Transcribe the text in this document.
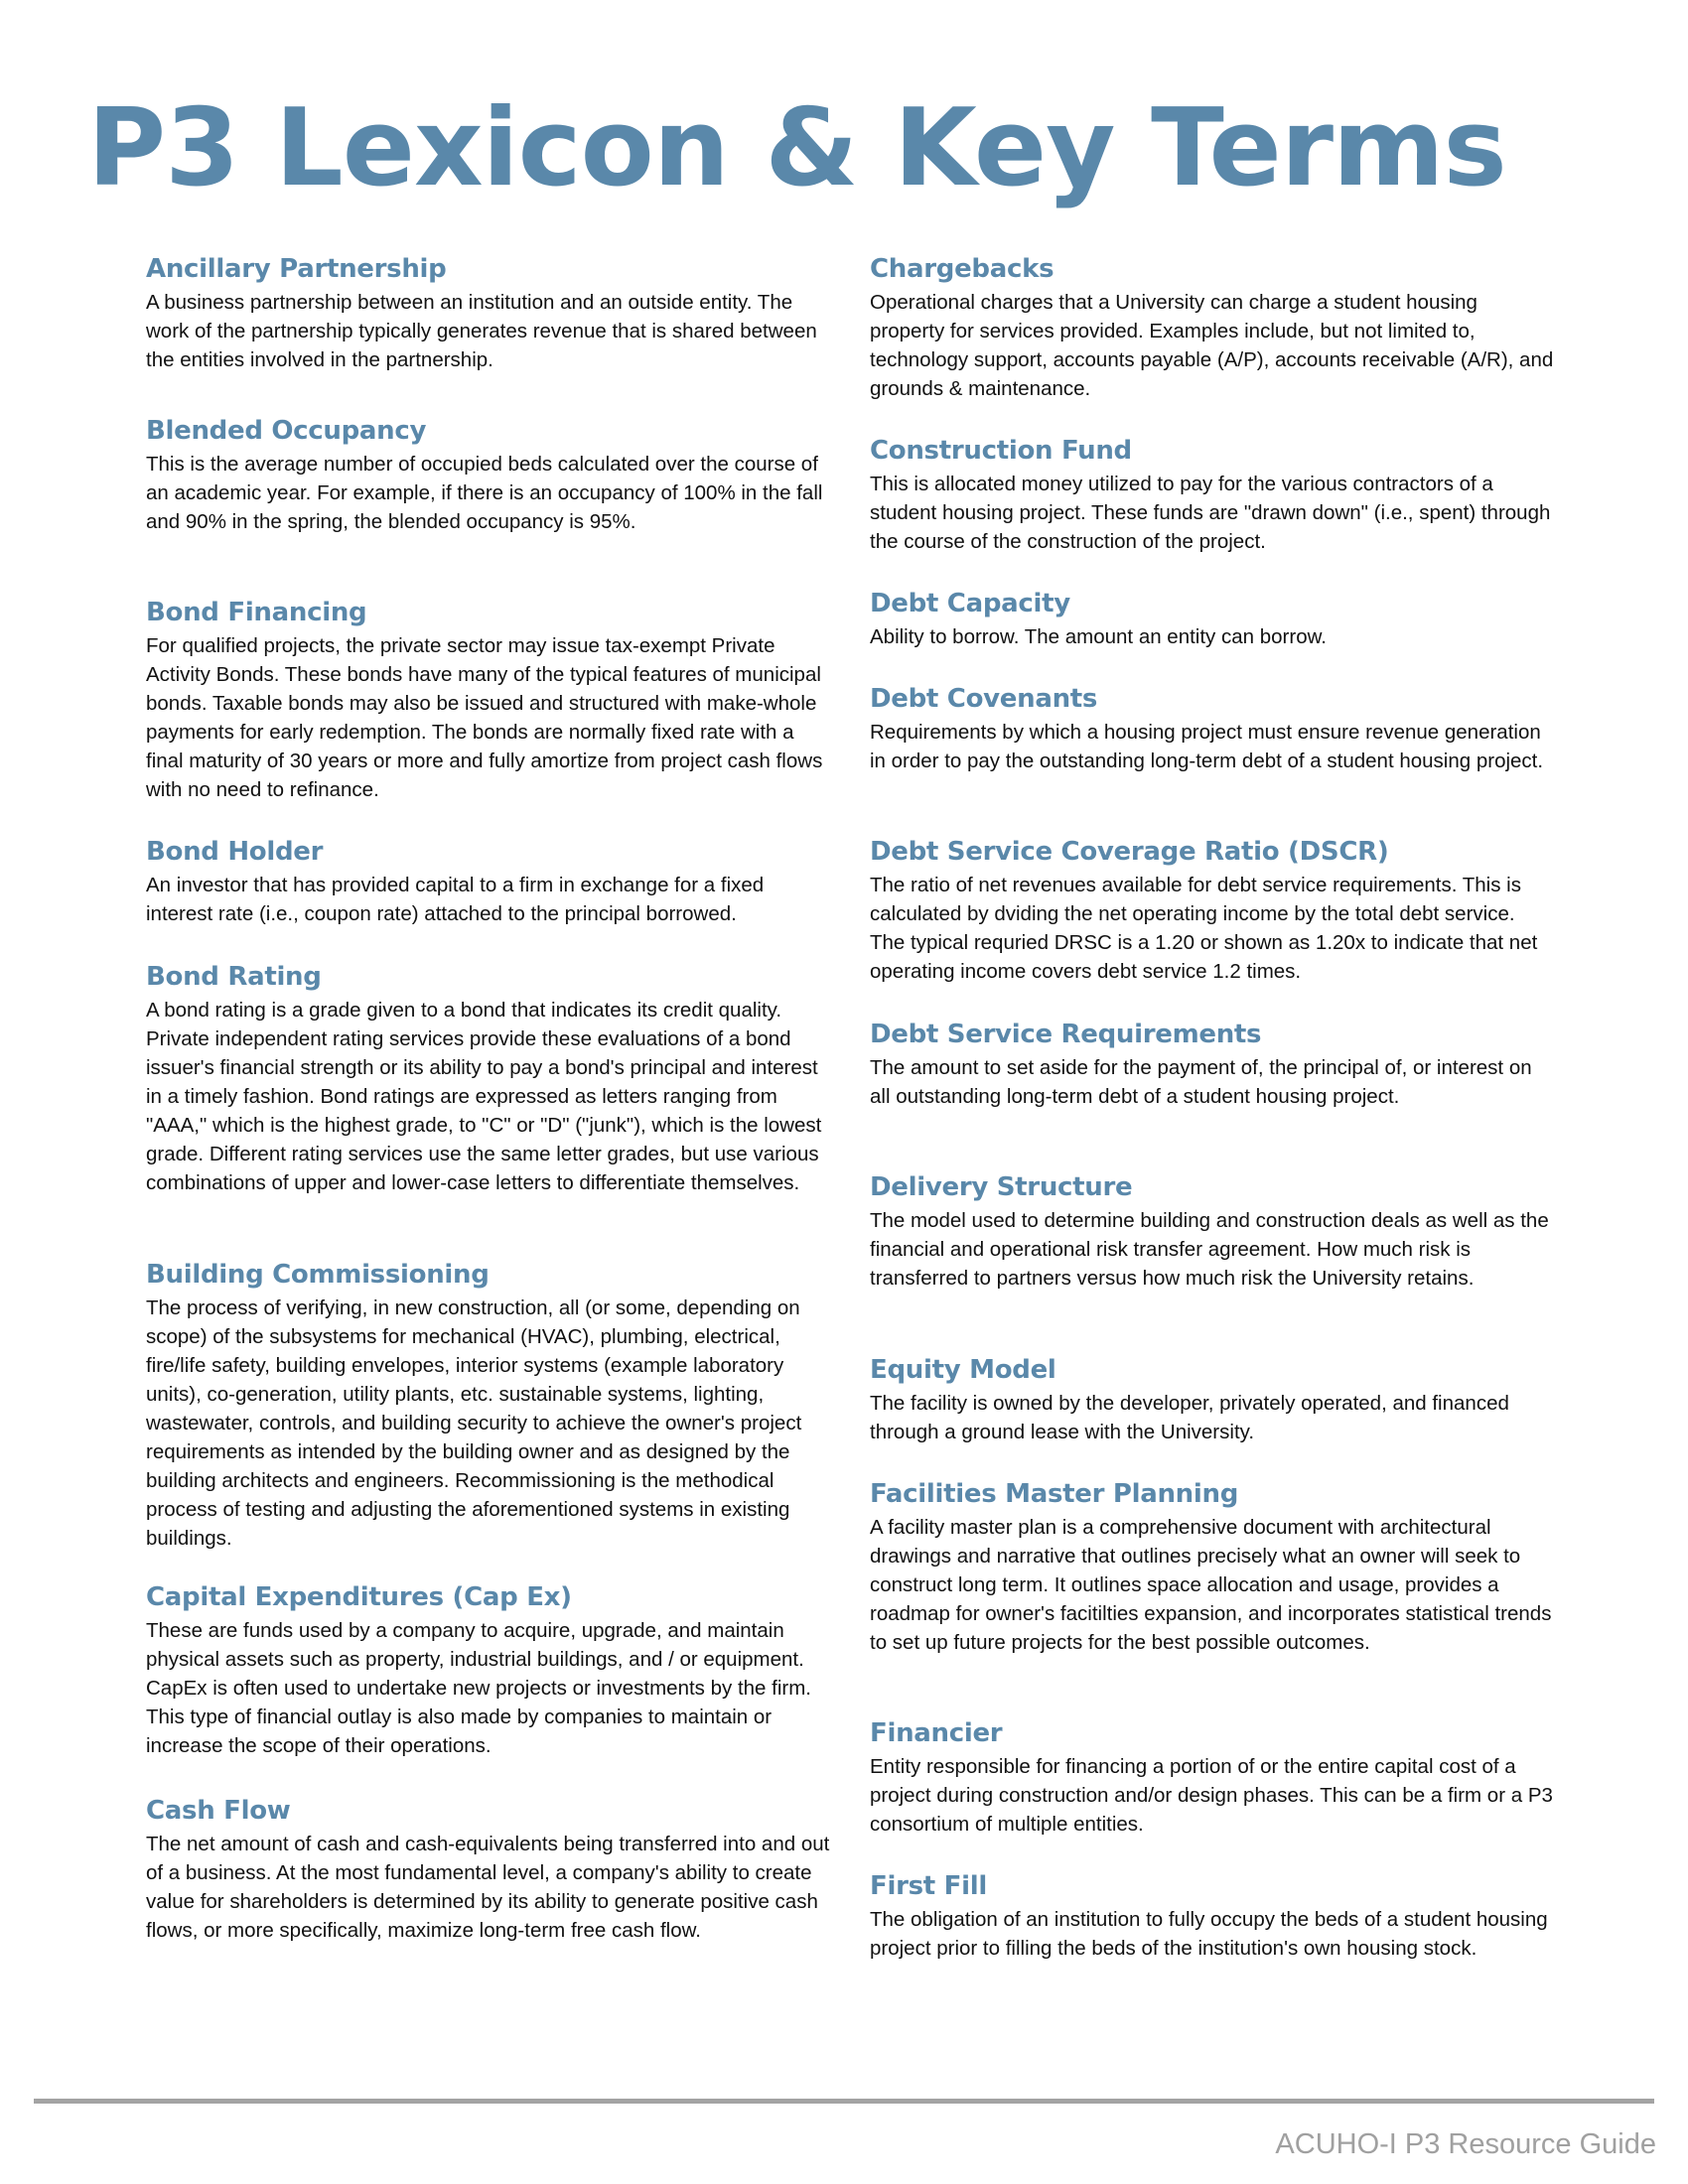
P3 Lexicon & Key Terms
Ancillary Partnership

A business partnership between an institution and an outside entity. The work of the partnership typically generates revenue that is shared between the entities involved in the partnership.

Blended Occupancy

This is the average number of occupied beds calculated over the course of an academic year. For example, if there is an occupancy of 100% in the fall and 90% in the spring, the blended occupancy is 95%.

Bond Financing

For qualified projects, the private sector may issue tax-exempt Private Activity Bonds. These bonds have many of the typical features of municipal bonds. Taxable bonds may also be issued and structured with make-whole payments for early redemption. The bonds are normally fixed rate with a final maturity of 30 years or more and fully amortize from project cash flows with no need to refinance.

Bond Holder

An investor that has provided capital to a firm in exchange for a fixed interest rate (i.e., coupon rate) attached to the principal borrowed.

Bond Rating

A bond rating is a grade given to a bond that indicates its credit quality. Private independent rating services provide these evaluations of a bond issuer's financial strength or its ability to pay a bond's principal and interest in a timely fashion. Bond ratings are expressed as letters ranging from "AAA," which is the highest grade, to "C" or "D" ("junk"), which is the lowest grade. Different rating services use the same letter grades, but use various combinations of upper and lower-case letters to differentiate themselves.

Building Commissioning

The process of verifying, in new construction, all (or some, depending on scope) of the subsystems for mechanical (HVAC), plumbing, electrical, fire/life safety, building envelopes, interior systems (example laboratory units), co-generation, utility plants, etc. sustainable systems, lighting, wastewater, controls, and building security to achieve the owner's project requirements as intended by the building owner and as designed by the building architects and engineers. Recommissioning is the methodical process of testing and adjusting the aforementioned systems in existing buildings.

Capital Expenditures (Cap Ex)

These are funds used by a company to acquire, upgrade, and maintain physical assets such as property, industrial buildings, and / or equipment. CapEx is often used to undertake new projects or investments by the firm. This type of financial outlay is also made by companies to maintain or increase the scope of their operations.

Cash Flow

The net amount of cash and cash-equivalents being transferred into and out of a business. At the most fundamental level, a company's ability to create value for shareholders is determined by its ability to generate positive cash flows, or more specifically, maximize long-term free cash flow.

Chargebacks

Operational charges that a University can charge a student housing property for services provided. Examples include, but not limited to, technology support, accounts payable (A/P), accounts receivable (A/R), and grounds & maintenance.

Construction Fund

This is allocated money utilized to pay for the various contractors of a student housing project. These funds are "drawn down" (i.e., spent) through the course of the construction of the project.

Debt Capacity

Ability to borrow. The amount an entity can borrow.

Debt Covenants

Requirements by which a housing project must ensure revenue generation in order to pay the outstanding long-term debt of a student housing project.

Debt Service Coverage Ratio (DSCR)

The ratio of net revenues available for debt service requirements. This is calculated by dviding the net operating income by the total debt service. The typical requried DRSC is a 1.20 or shown as 1.20x to indicate that net operating income covers debt service 1.2 times.

Debt Service Requirements

The amount to set aside for the payment of, the principal of, or interest on all outstanding long-term debt of a student housing project.

Delivery Structure

The model used to determine building and construction deals as well as the financial and operational risk transfer agreement. How much risk is transferred to partners versus how much risk the University retains.

Equity Model

The facility is owned by the developer, privately operated, and financed through a ground lease with the University.

Facilities Master Planning

A facility master plan is a comprehensive document with architectural drawings and narrative that outlines precisely what an owner will seek to construct long term. It outlines space allocation and usage, provides a roadmap for owner's facitilties expansion, and incorporates statistical trends to set up future projects for the best possible outcomes.

Financier

Entity responsible for financing a portion of or the entire capital cost of a project during construction and/or design phases. This can be a firm or a P3 consortium of multiple entities.

First Fill

The obligation of an institution to fully occupy the beds of a student housing project prior to filling the beds of the institution's own housing stock.

ACUHO-I P3 Resource Guide
